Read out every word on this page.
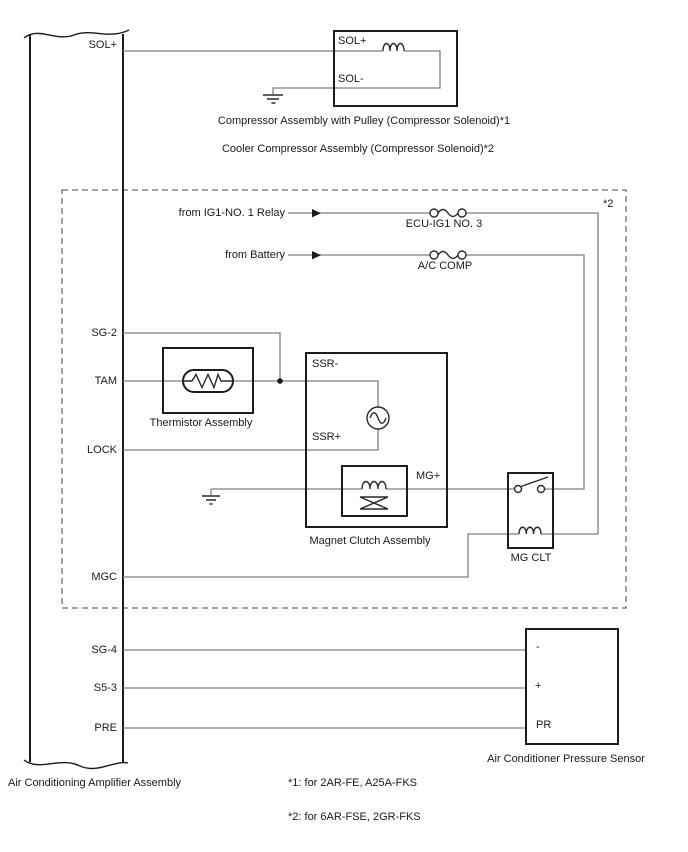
SOL+
SG-2
TAM
LOCK
MGC
SG-4
S5-3
PRE
SOL+
SOL-
Compressor Assembly with Pulley (Compressor Solenoid)*1
Cooler Compressor Assembly (Compressor Solenoid)*2
from IG1-NO. 1 Relay
ECU-IG1 NO. 3
from Battery
A/C COMP
*2
Thermistor Assembly
SSR-
SSR+
MG+
Magnet Clutch Assembly
MG CLT
-
+
PR
Air Conditioner Pressure Sensor
Air Conditioning Amplifier Assembly	*1: for 2AR-FE, A25A-FKS
*2: for 6AR-FSE, 2GR-FKS
